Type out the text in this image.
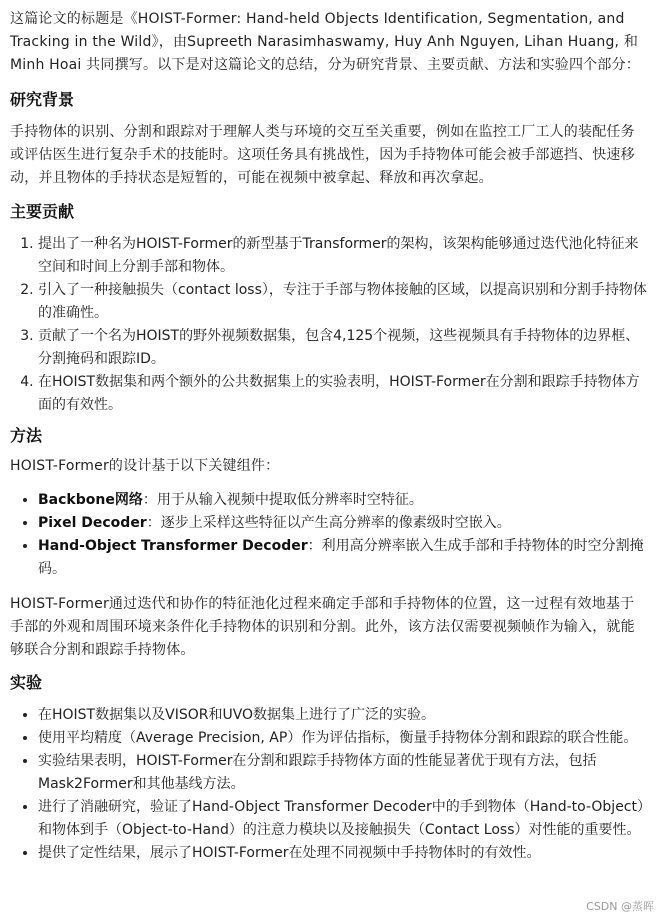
这篇论文的标题是《HOIST-Former: Hand-held Objects Identification, Segmentation, and Tracking in the Wild》，由Supreeth Narasimhaswamy, Huy Anh Nguyen, Lihan Huang, 和 Minh Hoai 共同撰写。以下是对这篇论文的总结，分为研究背景、主要贡献、方法和实验四个部分：

研究背景

手持物体的识别、分割和跟踪对于理解人类与环境的交互至关重要，例如在监控工厂工人的装配任务或评估医生进行复杂手术的技能时。这项任务具有挑战性，因为手持物体可能会被手部遮挡、快速移动，并且物体的手持状态是短暂的，可能在视频中被拿起、释放和再次拿起。

主要贡献
1. 提出了一种名为HOIST-Former的新型基于Transformer的架构，该架构能够通过迭代池化特征来空间和时间上分割手部和物体。
2. 引入了一种接触损失（contact loss），专注于手部与物体接触的区域，以提高识别和分割手持物体的准确性。
3. 贡献了一个名为HOIST的野外视频数据集，包含4,125个视频，这些视频具有手持物体的边界框、分割掩码和跟踪ID。
4. 在HOIST数据集和两个额外的公共数据集上的实验表明，HOIST-Former在分割和跟踪手持物体方面的有效性。
方法

HOIST-Former的设计基于以下关键组件：

• Backbone网络：用于从输入视频中提取低分辨率时空特征。
• Pixel Decoder：逐步上采样这些特征以产生高分辨率的像素级时空嵌入。
• Hand-Object Transformer Decoder：利用高分辨率嵌入生成手部和手持物体的时空分割掩码。

HOIST-Former通过迭代和协作的特征池化过程来确定手部和手持物体的位置，这一过程有效地基于手部的外观和周围环境来条件化手持物体的识别和分割。此外，该方法仅需要视频帧作为输入，就能够联合分割和跟踪手持物体。

实验
• 在HOIST数据集以及VISOR和UVO数据集上进行了广泛的实验。
• 使用平均精度（Average Precision, AP）作为评估指标，衡量手持物体分割和跟踪的联合性能。
• 实验结果表明，HOIST-Former在分割和跟踪手持物体方面的性能显著优于现有方法，包括Mask2Former和其他基线方法。
• 进行了消融研究，验证了Hand-Object Transformer Decoder中的手到物体（Hand-to-Object）和物体到手（Object-to-Hand）的注意力模块以及接触损失（Contact Loss）对性能的重要性。
• 提供了定性结果，展示了HOIST-Former在处理不同视频中手持物体时的有效性。
CSDN @蒸晖
